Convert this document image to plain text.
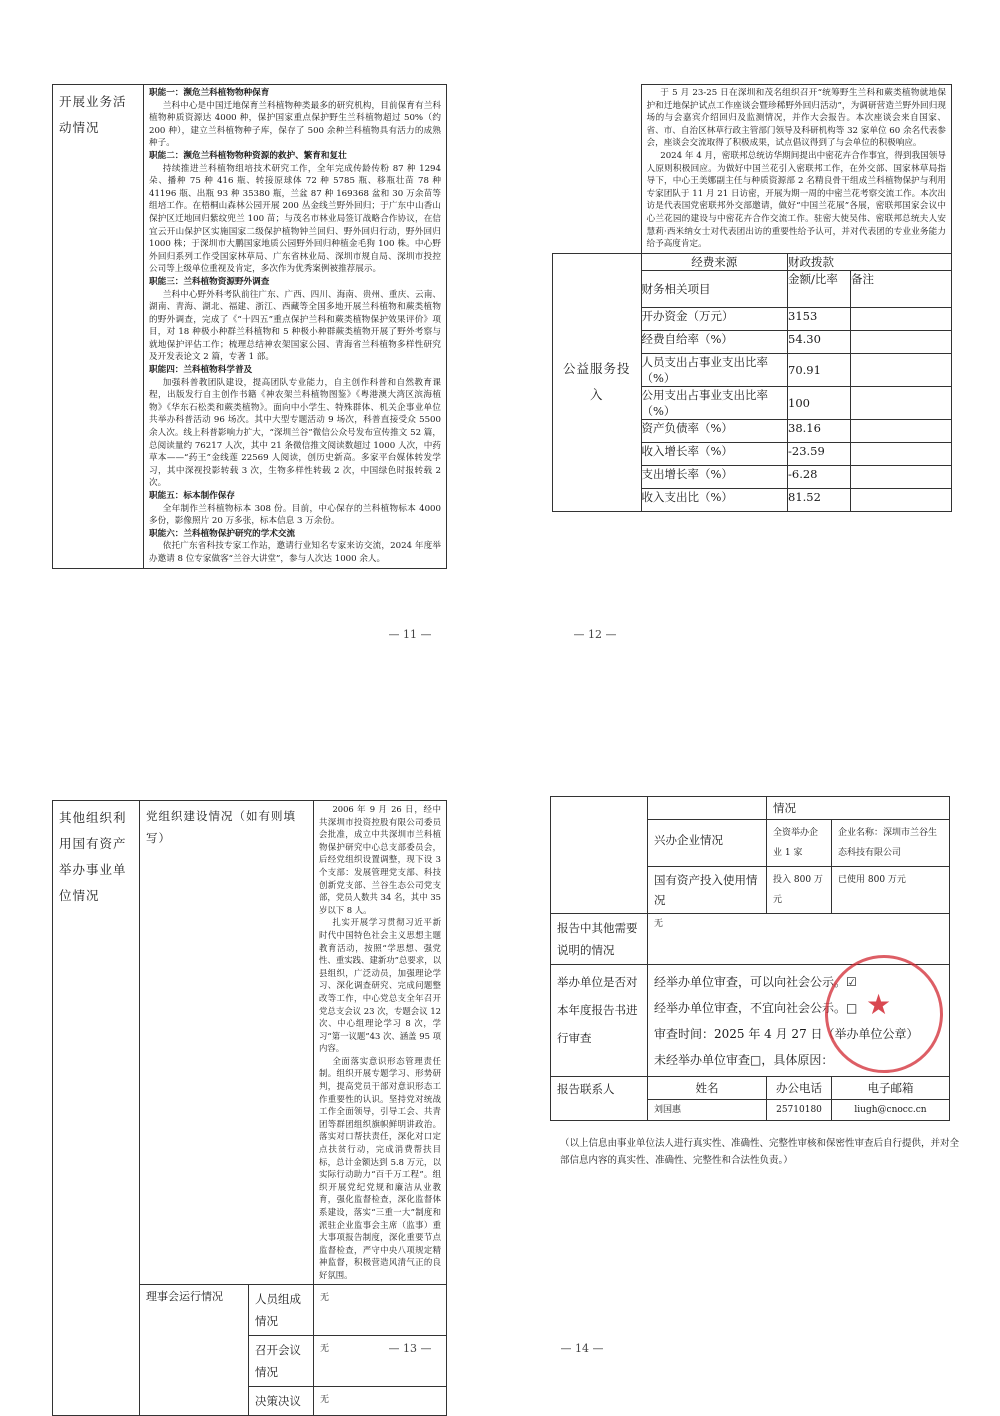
开展业务活动情况

职能一：濒危兰科植物物种保育

兰科中心是中国迁地保育兰科植物种类最多的研究机构，目前保育有兰科植物种质资源达 4000 种，保护国家重点保护野生兰科植物超过 50%（约 200 种），建立兰科植物种子库，保存了 500 余种兰科植物具有活力的成熟种子。

职能二：濒危兰科植物物种资源的救护、繁育和复壮

持续推进兰科植物组培技术研究工作，全年完成传龄传粉 87 种 1294 朵、播种 75 种 416 瓶、转接原球体 72 种 5785 瓶、移瓶壮苗 78 种 41196 瓶、出瓶 93 种 35380 瓶，兰盆 87 种 169368 盆和 30 万余苗等组培工作。在梧桐山森林公园开展 200 丛金线兰野外回归；于广东中山香山保护区迁地回归紫纹兜兰 100 苗；与茂名市林业局签订战略合作协议，在信宜云开山保护区实施国家二级保护植物钟兰回归、野外回归行动，野外回归 1000 株；于深圳市大鹏国家地质公园野外回归种植金毛狗 100 株。中心野外回归系列工作受国家林草局、广东省林业局、深圳市规自局、深圳市投控公司等上级单位重视及肯定，多次作为优秀案例被推荐展示。

职能三：兰科植物资源野外调查

兰科中心野外科考队前往广东、广西、四川、海南、贵州、重庆、云南、湖南、青海、湖北、福建、浙江、西藏等全国多地开展兰科植物和蕨类植物的野外调查，完成了《“十四五”重点保护兰科和蕨类植物保护效果评价》项目，对 18 种极小种群兰科植物和 5 种极小种群蕨类植物开展了野外考察与就地保护评估工作；梳理总结神农架国家公园、青海省兰科植物多样性研究及开发表论文 2 篇，专著 1 部。

职能四：兰科植物科学普及

加强科普教团队建设，提高团队专业能力，自主创作科普和自然教育课程，出版发行自主创作书籍《神农架兰科植物图鉴》《粤港澳大湾区滨海植物》《华东石松类和蕨类植物》。面向中小学生、特殊群体、机关企事业单位共举办科普活动 96 场次。其中大型专题活动 9 场次，科普直接受众 5500 余人次。线上科普影响力扩大，“深圳兰谷”微信公众号发布宣传推文 52 篇，总阅读量约 76217 人次，其中 21 条微信推文阅读数超过 1000 人次，中药草本——“药王”金线莲 22569 人阅读，创历史新高。多家平台媒体转发学习，其中深视投影转载 3 次，生物多样性转载 2 次，中国绿色时报转载 2 次。

职能五：标本制作保存

全年制作兰科植物标本 308 份。目前，中心保存的兰科植物标本 4000 多份，影像照片 20 万多张，标本信息 3 万余份。

职能六：兰科植物保护研究的学术交流

依托广东省科技专家工作站，邀请行业知名专家来访交流，2024 年度举办邀请 8 位专家做客“兰谷大讲堂”，参与人次达 1000 余人。

— 11 —

	于 5 月 23-25 日在深圳和茂名组织召开“统筹野生兰科和蕨类植物就地保护和迁地保护试点工作座谈会暨珍稀野外回归活动”，为调研营造兰野外回归现场的与会嘉宾介绍回归及监测情况，并作大会报告。本次座谈会来自国家、省、市、自治区林草行政主管部门领导及科研机构等 32 家单位 60 余名代表参会，座谈会交流取得了积极成果，试点倡议得到了与会单位的积极响应。

2024 年 4 月，密联邦总统访华期间提出中密花卉合作事宜，得到我国领导人原则积极回应。为做好中国兰花引入密联邦工作，在外交部、国家林草局指导下，中心王美娜副主任与种质资源部 2 名精良骨干组成兰科植物保护与利用专家团队于 11 月 21 日访密，开展为期一周的中密兰花考察交流工作。本次出访是代表国党密联邦外交部邀请，做好“中国兰花展”各展，密联邦国家会议中心兰花园的建设与中密花卉合作交流工作。驻密大使吴伟、密联邦总统夫人安慧莉·西米纳女士对代表团出访的重要性给予认可，并对代表团的专业业务能力给予高度肯定。		

公益服务投入	经费来源	财政拨款	
	财务相关项目	金额/比率	备注
	开办资金（万元）	3153	
	经费自给率（%）	54.30	
	人员支出占事业支出比率（%）	70.91	
	公用支出占事业支出比率（%）	100	
	资产负债率（%）	38.16	
	收入增长率（%）	-23.59	
	支出增长率（%）	-6.28	
	收入支出比（%）	81.52	
— 12 —
其他组织利用国有资产举办事业单位情况	党组织建设情况（如有则填写）		2006 年 9 月 26 日，经中共深圳市投资控股有限公司委员会批准，成立中共深圳市兰科植物保护研究中心总支部委员会，后经党组织设置调整，现下设 3 个支部：发展管理党支部、科技创新党支部、兰谷生态公司党支部，党员人数共 34 名，其中 35 岁以下 8 人。

扎实开展学习贯彻习近平新时代中国特色社会主义思想主题教育活动，按照“学思想、强党性、重实践、建新功”总要求，以县组织，广泛动员，加强理论学习、深化调查研究、完成问题整改等工作，中心党总支全年召开党总支会议 23 次，专题会议 12 次、中心组理论学习 8 次，学习“第一议题”43 次、涵盖 95 项内容。

全面落实意识形态管理责任制。组织开展专题学习、形势研判，提高党员干部对意识形态工作重要性的认识。坚持党对统战工作全面领导，引导工会、共青团等群团组织旗帜鲜明讲政治。落实对口帮扶责任，深化对口定点扶贫行动，完成消费帮扶目标，总计金额达到 5.8 万元，以实际行动助力“百千万工程”。组织开展党纪党规和廉洁从业教育，强化监督检查，深化监督体系建设，落实“三重一大”制度和派驻企业监事会主席（监事）重大事项报告制度，深化重要节点监督检查，严守中央八项规定精神监督，积极营造风清气正的良好氛围。

	理事会运行情况	人员组成情况	无

		召开会议情况	无

		决策决议	无
— 13 —

		情况	

	兴办企业情况	全资举办企业 1 家	企业名称：深圳市兰谷生态科技有限公司

	国有资产投入使用情况	投入 800 万元	已使用 800 万元

报告中其他需要说明的情况	无		

举办单位是否对本年度报告书进行审查	经举办单位审查，可以向社会公示。☑
经举办单位审查，不宜向社会公示。□
审查时间：2025 年 4 月 27 日（举办单位公章）
未经举办单位审查□，具体原因：		

报告联系人	姓名	办公电话	电子邮箱

	刘国惠	25710180	liugh@cnocc.cn
★
（以上信息由事业单位法人进行真实性、准确性、完整性审核和保密性审查后自行提供，并对全部信息内容的真实性、准确性、完整性和合法性负责。）
— 14 —
